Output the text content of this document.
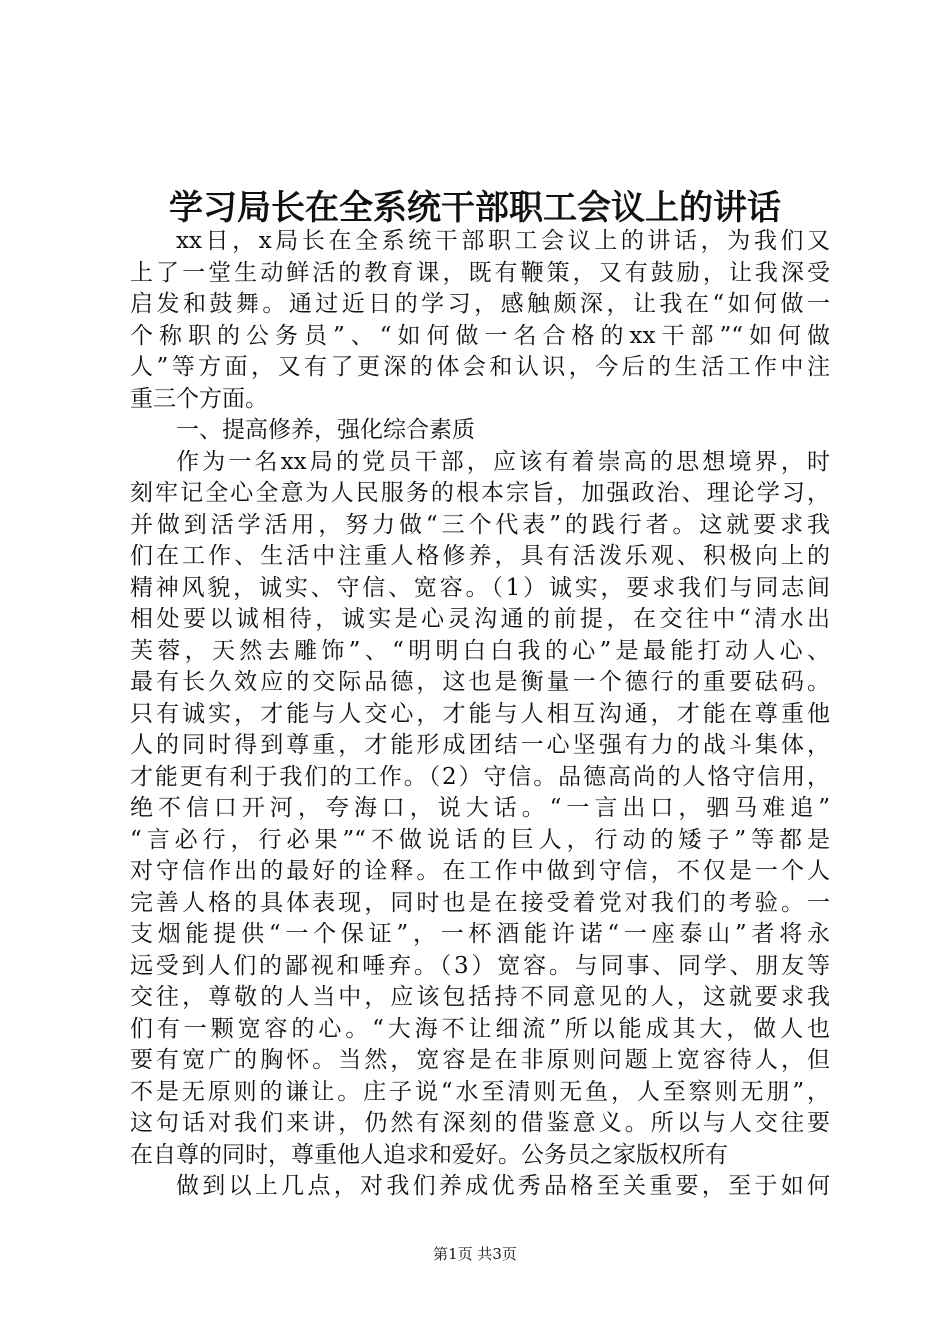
学习局长在全系统干部职工会议上的讲话
xx日，x局长在全系统干部职工会议上的讲话，为我们又
上了一堂生动鲜活的教育课，既有鞭策，又有鼓励，让我深受
启发和鼓舞。通过近日的学习，感触颇深，让我在“如何做一
个称职的公务员”、“如何做一名合格的xx干部”“如何做
人”等方面，又有了更深的体会和认识，今后的生活工作中注
重三个方面。
一、提高修养，强化综合素质
作为一名xx局的党员干部，应该有着崇高的思想境界，时
刻牢记全心全意为人民服务的根本宗旨，加强政治、理论学习，
并做到活学活用，努力做“三个代表”的践行者。这就要求我
们在工作、生活中注重人格修养，具有活泼乐观、积极向上的
精神风貌，诚实、守信、宽容。（1）诚实，要求我们与同志间
相处要以诚相待，诚实是心灵沟通的前提，在交往中“清水出
芙蓉，天然去雕饰”、“明明白白我的心”是最能打动人心、
最有长久效应的交际品德，这也是衡量一个德行的重要砝码。
只有诚实，才能与人交心，才能与人相互沟通，才能在尊重他
人的同时得到尊重，才能形成团结一心坚强有力的战斗集体，
才能更有利于我们的工作。（2）守信。品德高尚的人恪守信用，
绝不信口开河，夸海口，说大话。“一言出口，驷马难追”
“言必行，行必果”“不做说话的巨人，行动的矮子”等都是
对守信作出的最好的诠释。在工作中做到守信，不仅是一个人
完善人格的具体表现，同时也是在接受着党对我们的考验。一
支烟能提供“一个保证”，一杯酒能许诺“一座泰山”者将永
远受到人们的鄙视和唾弃。（3）宽容。与同事、同学、朋友等
交往，尊敬的人当中，应该包括持不同意见的人，这就要求我
们有一颗宽容的心。“大海不让细流”所以能成其大，做人也
要有宽广的胸怀。当然，宽容是在非原则问题上宽容待人，但
不是无原则的谦让。庄子说“水至清则无鱼，人至察则无朋”，
这句话对我们来讲，仍然有深刻的借鉴意义。所以与人交往要
在自尊的同时，尊重他人追求和爱好。公务员之家版权所有
做到以上几点，对我们养成优秀品格至关重要，至于如何
第1页 共3页
